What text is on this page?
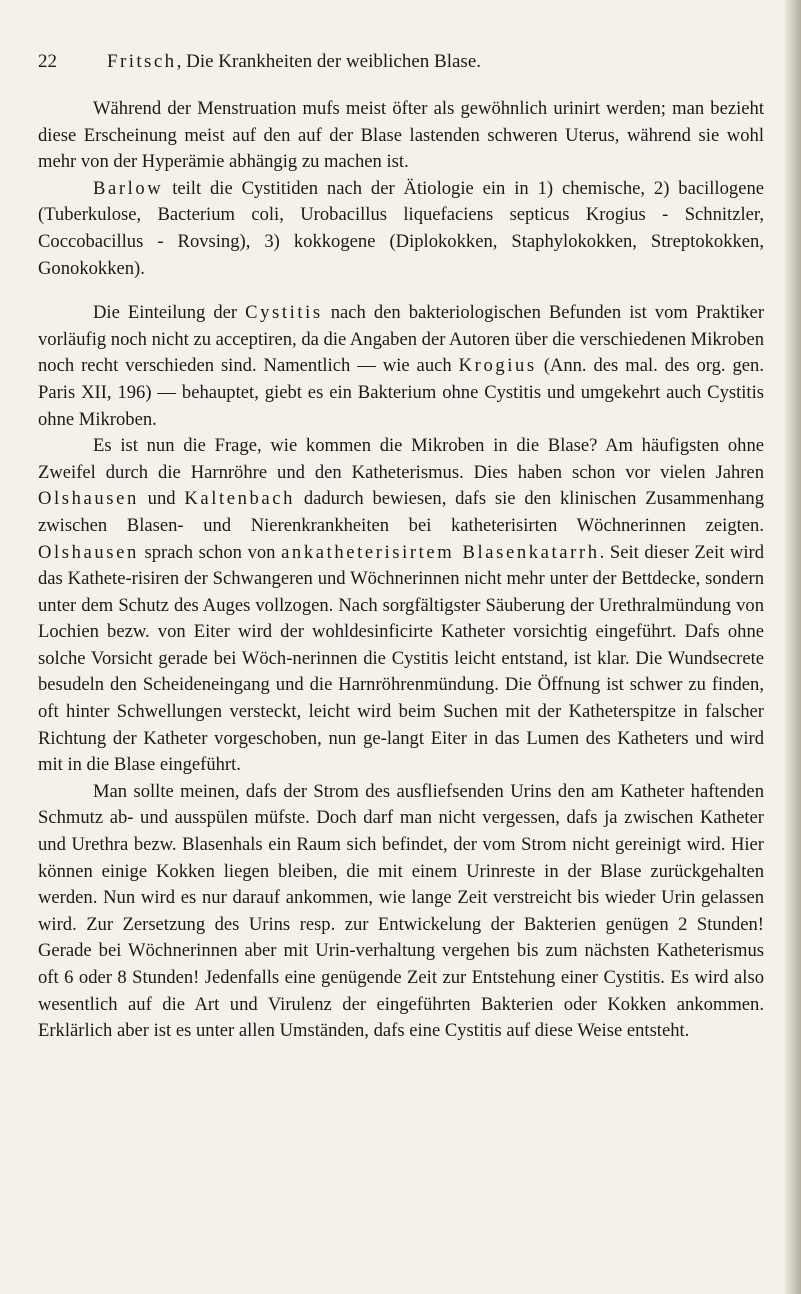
22	Fritsch, Die Krankheiten der weiblichen Blase.

Während der Menstruation mufs meist öfter als gewöhnlich urinirt werden; man bezieht diese Erscheinung meist auf den auf der Blase lastenden schweren Uterus, während sie wohl mehr von der Hyperämie abhängig zu machen ist.

Barlow teilt die Cystitiden nach der Ätiologie ein in 1) chemische, 2) bacillogene (Tuberkulose, Bacterium coli, Urobacillus liquefaciens septicus Krogius - Schnitzler, Coccobacillus - Rovsing), 3) kokkogene (Diplokokken, Staphylokokken, Streptokokken, Gonokokken).

Die Einteilung der Cystitis nach den bakteriologischen Befunden ist vom Praktiker vorläufig noch nicht zu acceptiren, da die Angaben der Autoren über die verschiedenen Mikroben noch recht verschieden sind. Namentlich — wie auch Krogius (Ann. des mal. des org. gen. Paris XII, 196) — behauptet, giebt es ein Bakterium ohne Cystitis und umgekehrt auch Cystitis ohne Mikroben.

Es ist nun die Frage, wie kommen die Mikroben in die Blase? Am häufigsten ohne Zweifel durch die Harnröhre und den Katheterismus. Dies haben schon vor vielen Jahren Olshausen und Kaltenbach dadurch bewiesen, dafs sie den klinischen Zusammenhang zwischen Blasen- und Nierenkrankheiten bei katheterisirten Wöchnerinnen zeigten. Olshausen sprach schon von ankatheterisirtem Blasenkatarrh. Seit dieser Zeit wird das Kathete-risiren der Schwangeren und Wöchnerinnen nicht mehr unter der Bettdecke, sondern unter dem Schutz des Auges vollzogen. Nach sorgfältigster Säuberung der Urethralmündung von Lochien bezw. von Eiter wird der wohldesinficirte Katheter vorsichtig eingeführt. Dafs ohne solche Vorsicht gerade bei Wöch-nerinnen die Cystitis leicht entstand, ist klar. Die Wundsecrete besudeln den Scheideneingang und die Harnröhrenmündung. Die Öffnung ist schwer zu finden, oft hinter Schwellungen versteckt, leicht wird beim Suchen mit der Katheterspitze in falscher Richtung der Katheter vorgeschoben, nun ge-langt Eiter in das Lumen des Katheters und wird mit in die Blase eingeführt.

Man sollte meinen, dafs der Strom des ausfliefsenden Urins den am Katheter haftenden Schmutz ab- und ausspülen müfste. Doch darf man nicht vergessen, dafs ja zwischen Katheter und Urethra bezw. Blasenhals ein Raum sich befindet, der vom Strom nicht gereinigt wird. Hier können einige Kokken liegen bleiben, die mit einem Urinreste in der Blase zurückgehalten werden. Nun wird es nur darauf ankommen, wie lange Zeit verstreicht bis wieder Urin gelassen wird. Zur Zersetzung des Urins resp. zur Entwickelung der Bakterien genügen 2 Stunden! Gerade bei Wöchnerinnen aber mit Urin-verhaltung vergehen bis zum nächsten Katheterismus oft 6 oder 8 Stunden! Jedenfalls eine genügende Zeit zur Entstehung einer Cystitis. Es wird also wesentlich auf die Art und Virulenz der eingeführten Bakterien oder Kokken ankommen. Erklärlich aber ist es unter allen Umständen, dafs eine Cystitis auf diese Weise entsteht.
